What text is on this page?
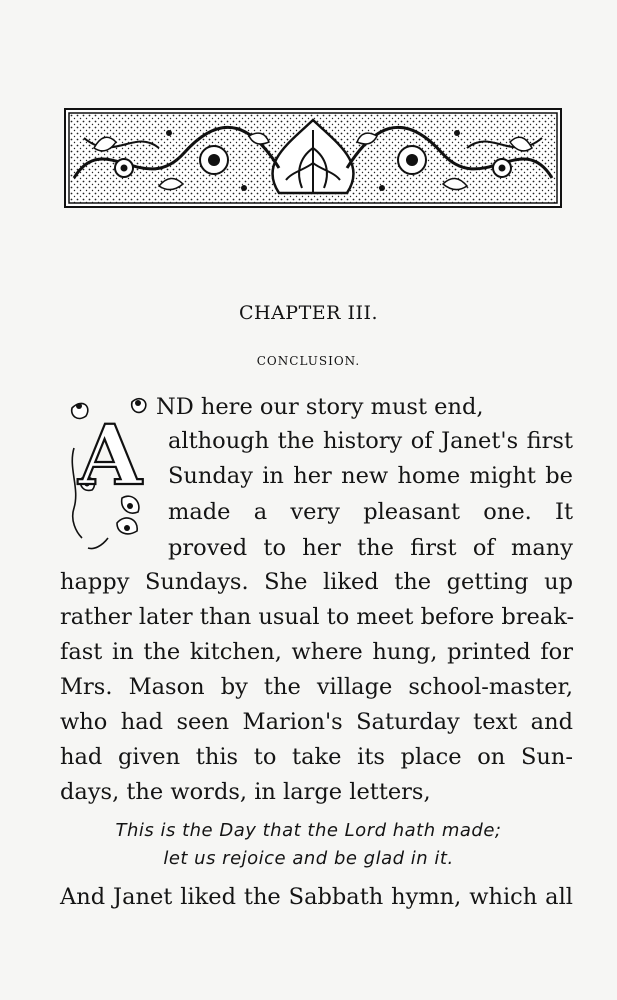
CHAPTER III.
CONCLUSION.
A
ND here our story must end,
although the history of Janet's first
Sunday in her new home might be
made a very pleasant one. It
proved to her the first of many
happy Sundays. She liked the getting up
rather later than usual to meet before break-
fast in the kitchen, where hung, printed for
Mrs. Mason by the village school-master,
who had seen Marion's Saturday text and
had given this to take its place on Sun-
days, the words, in large letters,
This is the Day that the Lord hath made;
let us rejoice and be glad in it.
And Janet liked the Sabbath hymn, which all
